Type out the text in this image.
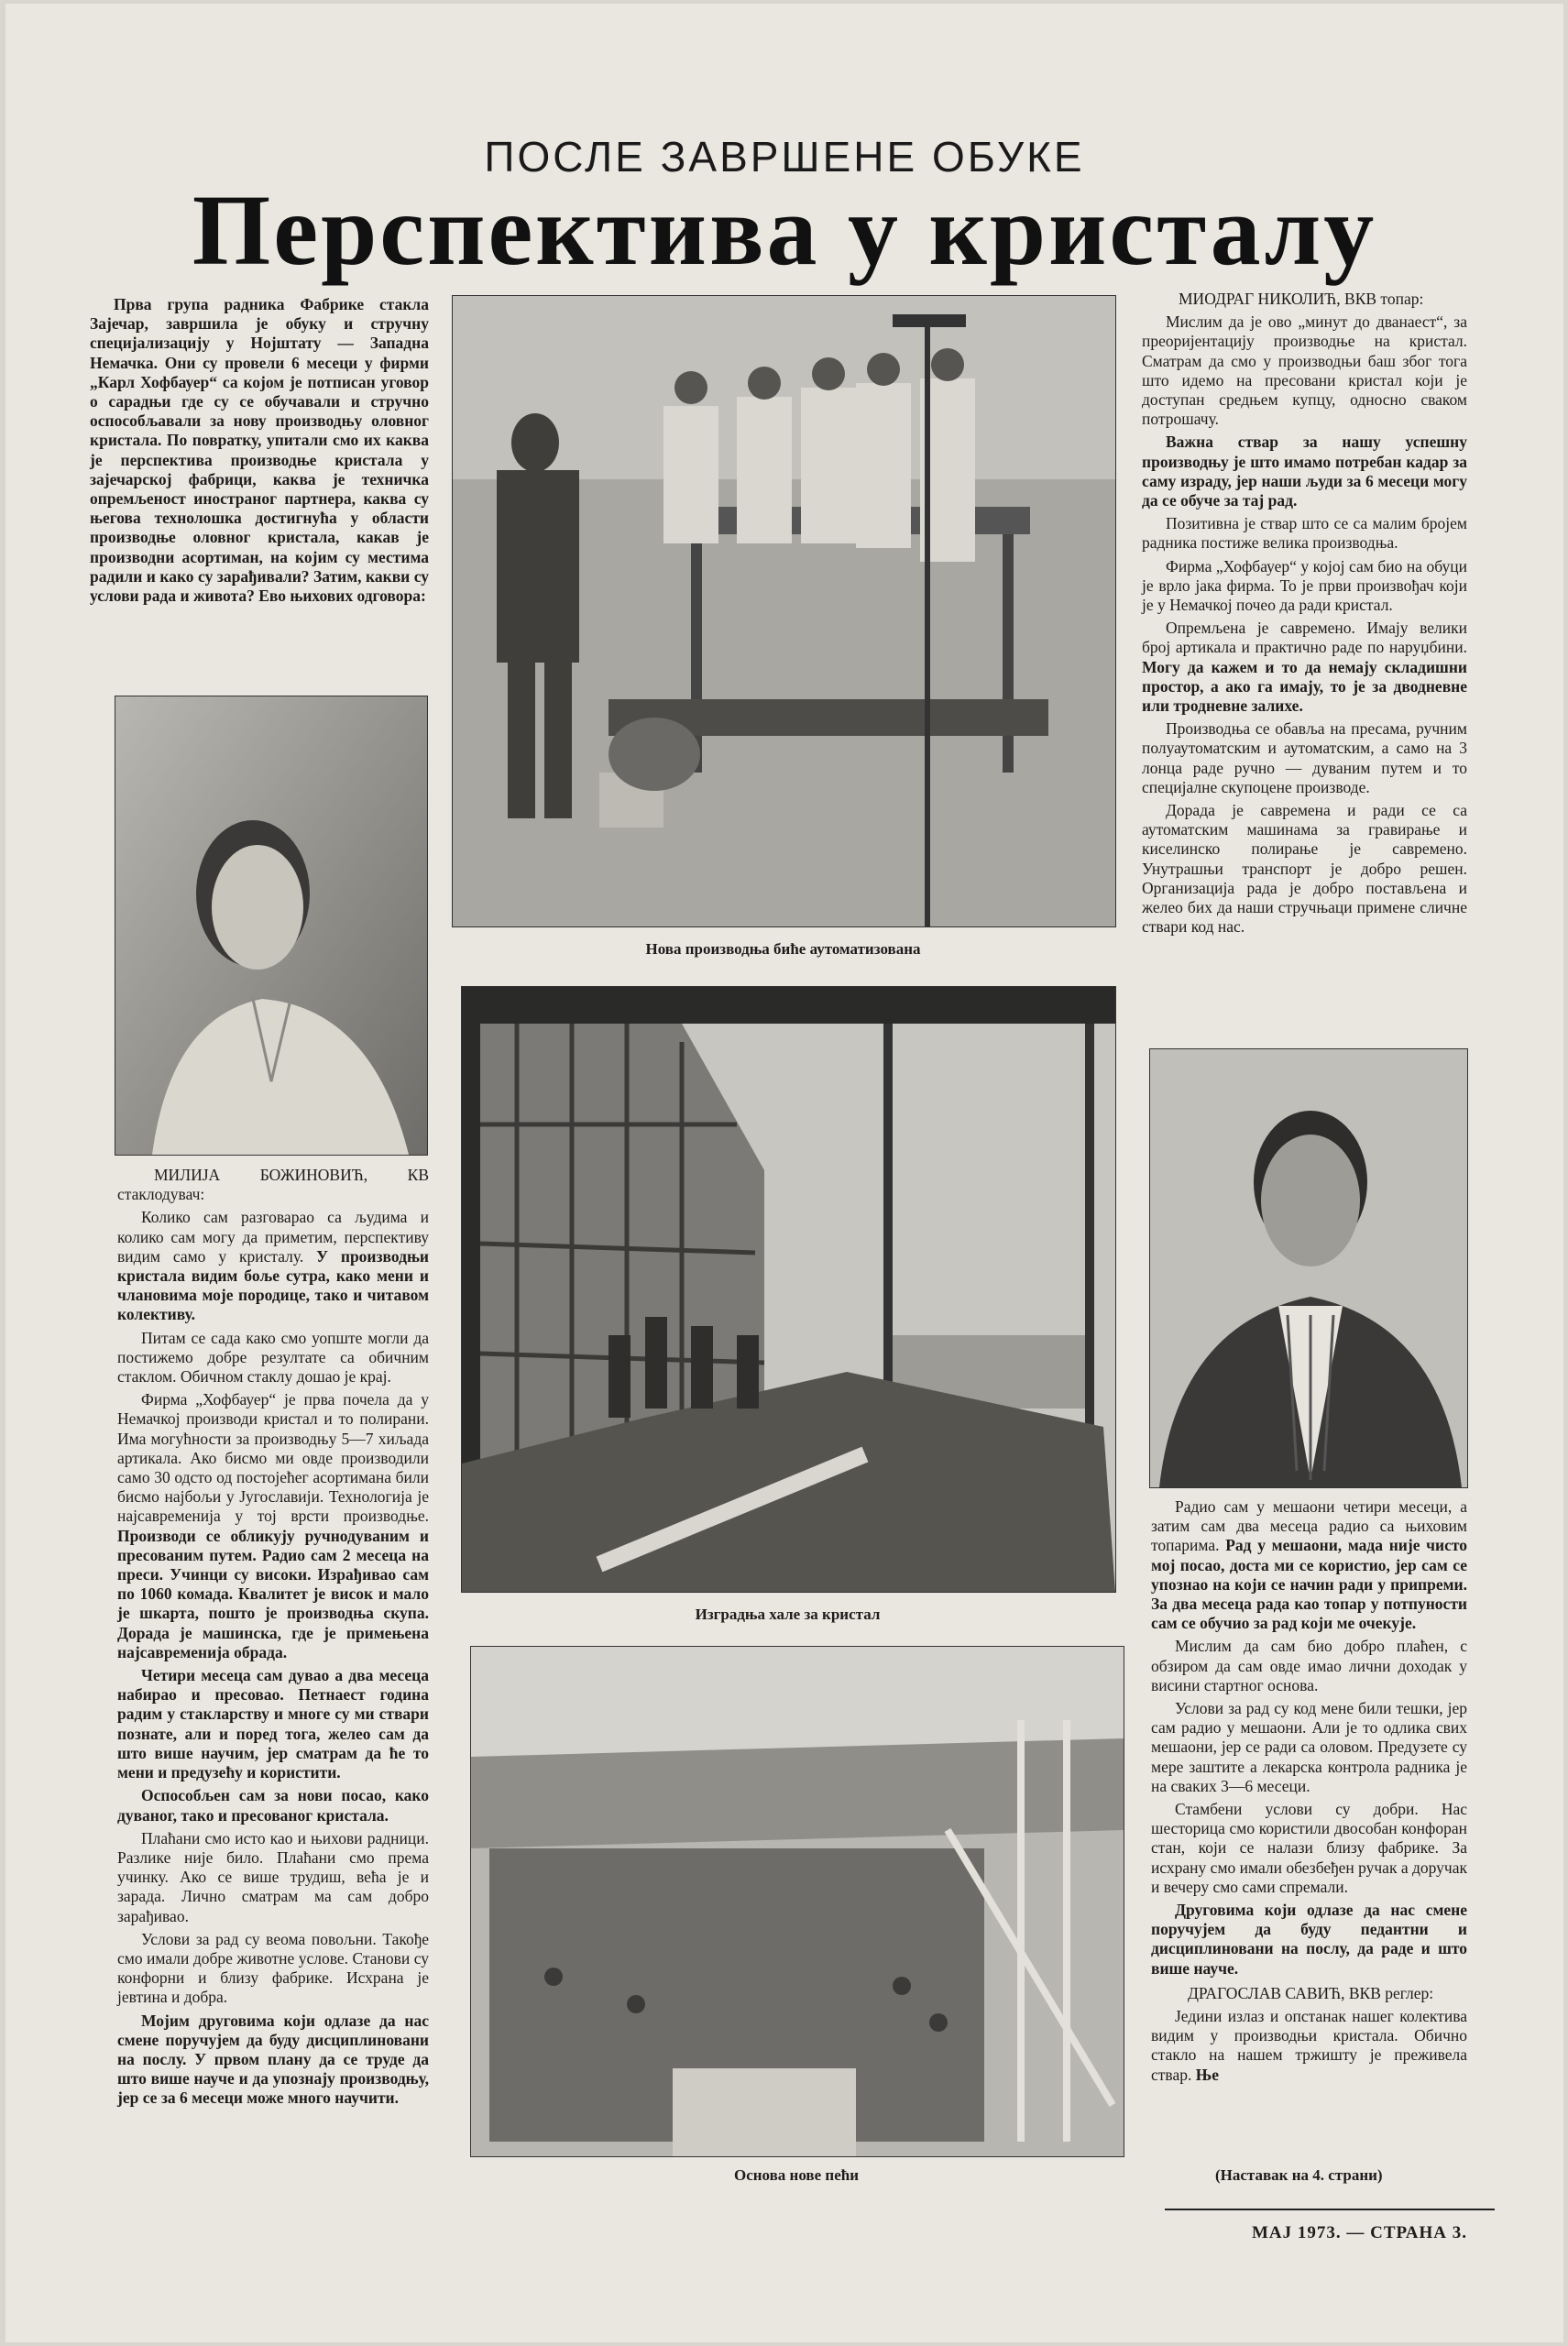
ПОСЛЕ ЗАВРШЕНЕ ОБУКЕ
Перспектива у кристалу

Прва група радника Фабрике стакла Зајечар, завршила је обуку и стручну специјализацију у Нојштату — Западна Немачка. Они су провели 6 месеци у фирми „Карл Хофбауер“ са којом је потписан уговор о сарадњи где су се обучавали и стручно оспособљавали за нову производњу оловног кристала. По повратку, упитали смо их каква је перспектива производње кристала у зајечарској фабрици, каква је техничка опремљеност иностраног партнера, каква су његова технолошка достигнућа у области производње оловног кристала, какав је производни асортиман, на којим су местима радили и како су зарађивали? Затим, какви су услови рада и живота? Ево њихових одговора:

МИЛИЈА БОЖИНОВИЋ, КВ стаклодувач:

Колико сам разговарао са људима и колико сам могу да приметим, перспективу видим само у кристалу. У производњи кристала видим боље сутра, како мени и члановима моје породице, тако и читавом колективу.

Питам се сада како смо уопште могли да постижемо добре резултате са обичним стаклом. Обичном стаклу дошао је крај.

Фирма „Хофбауер“ је прва почела да у Немачкој производи кристал и то полирани. Има могућности за производњу 5—7 хиљада артикала. Ако бисмо ми овде производили само 30 одсто од постојећег асортимана били бисмо најбољи у Југославији. Технологија је најсавременија у тој врсти производње. Производи се обликују ручнодуваним и пресованим путем. Радио сам 2 месеца на преси. Учинци су високи. Израђивао сам по 1060 комада. Квалитет је висок и мало је шкарта, пошто је производња скупа. Дорада је машинска, где је примењена најсавременија обрада.

Четири месеца сам дувао а два месеца набирао и пресовао. Петнаест година радим у стакларству и многе су ми ствари познате, али и поред тога, желео сам да што више научим, јер сматрам да ће то мени и предузећу и користити.

Оспособљен сам за нови посао, како дуваног, тако и пресованог кристала.

Плаћани смо исто као и њихови радници. Разлике није било. Плаћани смо према учинку. Ако се више трудиш, већа је и зарада. Лично сматрам ма сам добро зарађивао.

Услови за рад су веома повољни. Такође смо имали добре животне услове. Станови су конфорни и близу фабрике. Исхрана је јевтина и добра.

Мојим друговима који одлазе да нас смене поручујем да буду дисциплиновани на послу. У првом плану да се труде да што више науче и да упознају производњу, јер се за 6 месеци може много научити.

Нова производња биће аутоматизована
Изградња хале за кристал
Основа нове пећи

МИОДРАГ НИКОЛИЋ, ВКВ топар:

Мислим да је ово „минут до дванаест“, за преоријентацију производње на кристал. Сматрам да смо у производњи баш због тога што идемо на пресовани кристал који је доступан средњем купцу, односно сваком потрошачу.

Важна ствар за нашу успешну производњу је што имамо потребан кадар за саму израду, јер наши људи за 6 месеци могу да се обуче за тај рад.

Позитивна је ствар што се са малим бројем радника постиже велика производња.

Фирма „Хофбауер“ у којој сам био на обуци је врло јака фирма. То је први произвођач који је у Немачкој почео да ради кристал.

Опремљена је савремено. Имају велики број артикала и практично раде по наруџбини. Могу да кажем и то да немају складишни простор, а ако га имају, то је за дводневне или тродневне залихе.

Производња се обавља на пресама, ручним полуаутоматским и аутоматским, а само на 3 лонца раде ручно — дуваним путем и то специјалне скупоцене производе.

Дорада је савремена и ради се са аутоматским машинама за гравирање и киселинско полирање је савремено. Унутрашњи транспорт је добро решен. Организација рада је добро постављена и желео бих да наши стручњаци примене сличне ствари код нас.

Радио сам у мешаони четири месеци, а затим сам два месеца радио са њиховим топарима. Рад у мешаони, мада није чисто мој посао, доста ми се користио, јер сам се упознао на који се начин ради у припреми. За два месеца рада као топар у потпуности сам се обучио за рад који ме очекује.

Мислим да сам био добро плаћен, с обзиром да сам овде имао лични доходак у висини стартног основа.

Услови за рад су код мене били тешки, јер сам радио у мешаони. Али је то одлика свих мешаони, јер се ради са оловом. Предузете су мере заштите а лекарска контрола радника је на сваких 3—6 месеци.

Стамбени услови су добри. Нас шесторица смо користили двособан конфоран стан, који се налази близу фабрике. За исхрану смо имали обезбеђен ручак а доручак и вечеру смо сами спремали.

Друговима који одлазе да нас смене поручујем да буду педантни и дисциплиновани на послу, да раде и што више науче.

ДРАГОСЛАВ САВИЋ, ВКВ реглер:

Једини излаз и опстанак нашег колектива видим у производњи кристала. Обично стакло на нашем тржишту је преживела ствар. Ње

(Наставак на 4. страни)
МАЈ 1973. — СТРАНА 3.
